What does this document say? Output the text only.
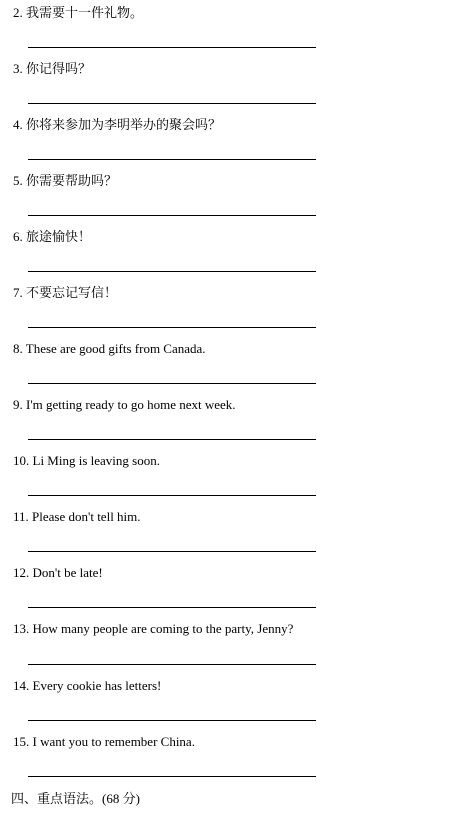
2. 我需要十一件礼物。
3. 你记得吗？
4. 你将来参加为李明举办的聚会吗？
5. 你需要帮助吗？
6. 旅途愉快！
7. 不要忘记写信！
8. These are good gifts from Canada.
9. I'm getting ready to go home next week.
10. Li Ming is leaving soon.
11. Please don't tell him.
12. Don't be late!
13. How many people are coming to the party, Jenny?
14. Every cookie has letters!
15. I want you to remember China.
四、重点语法。(68 分)
